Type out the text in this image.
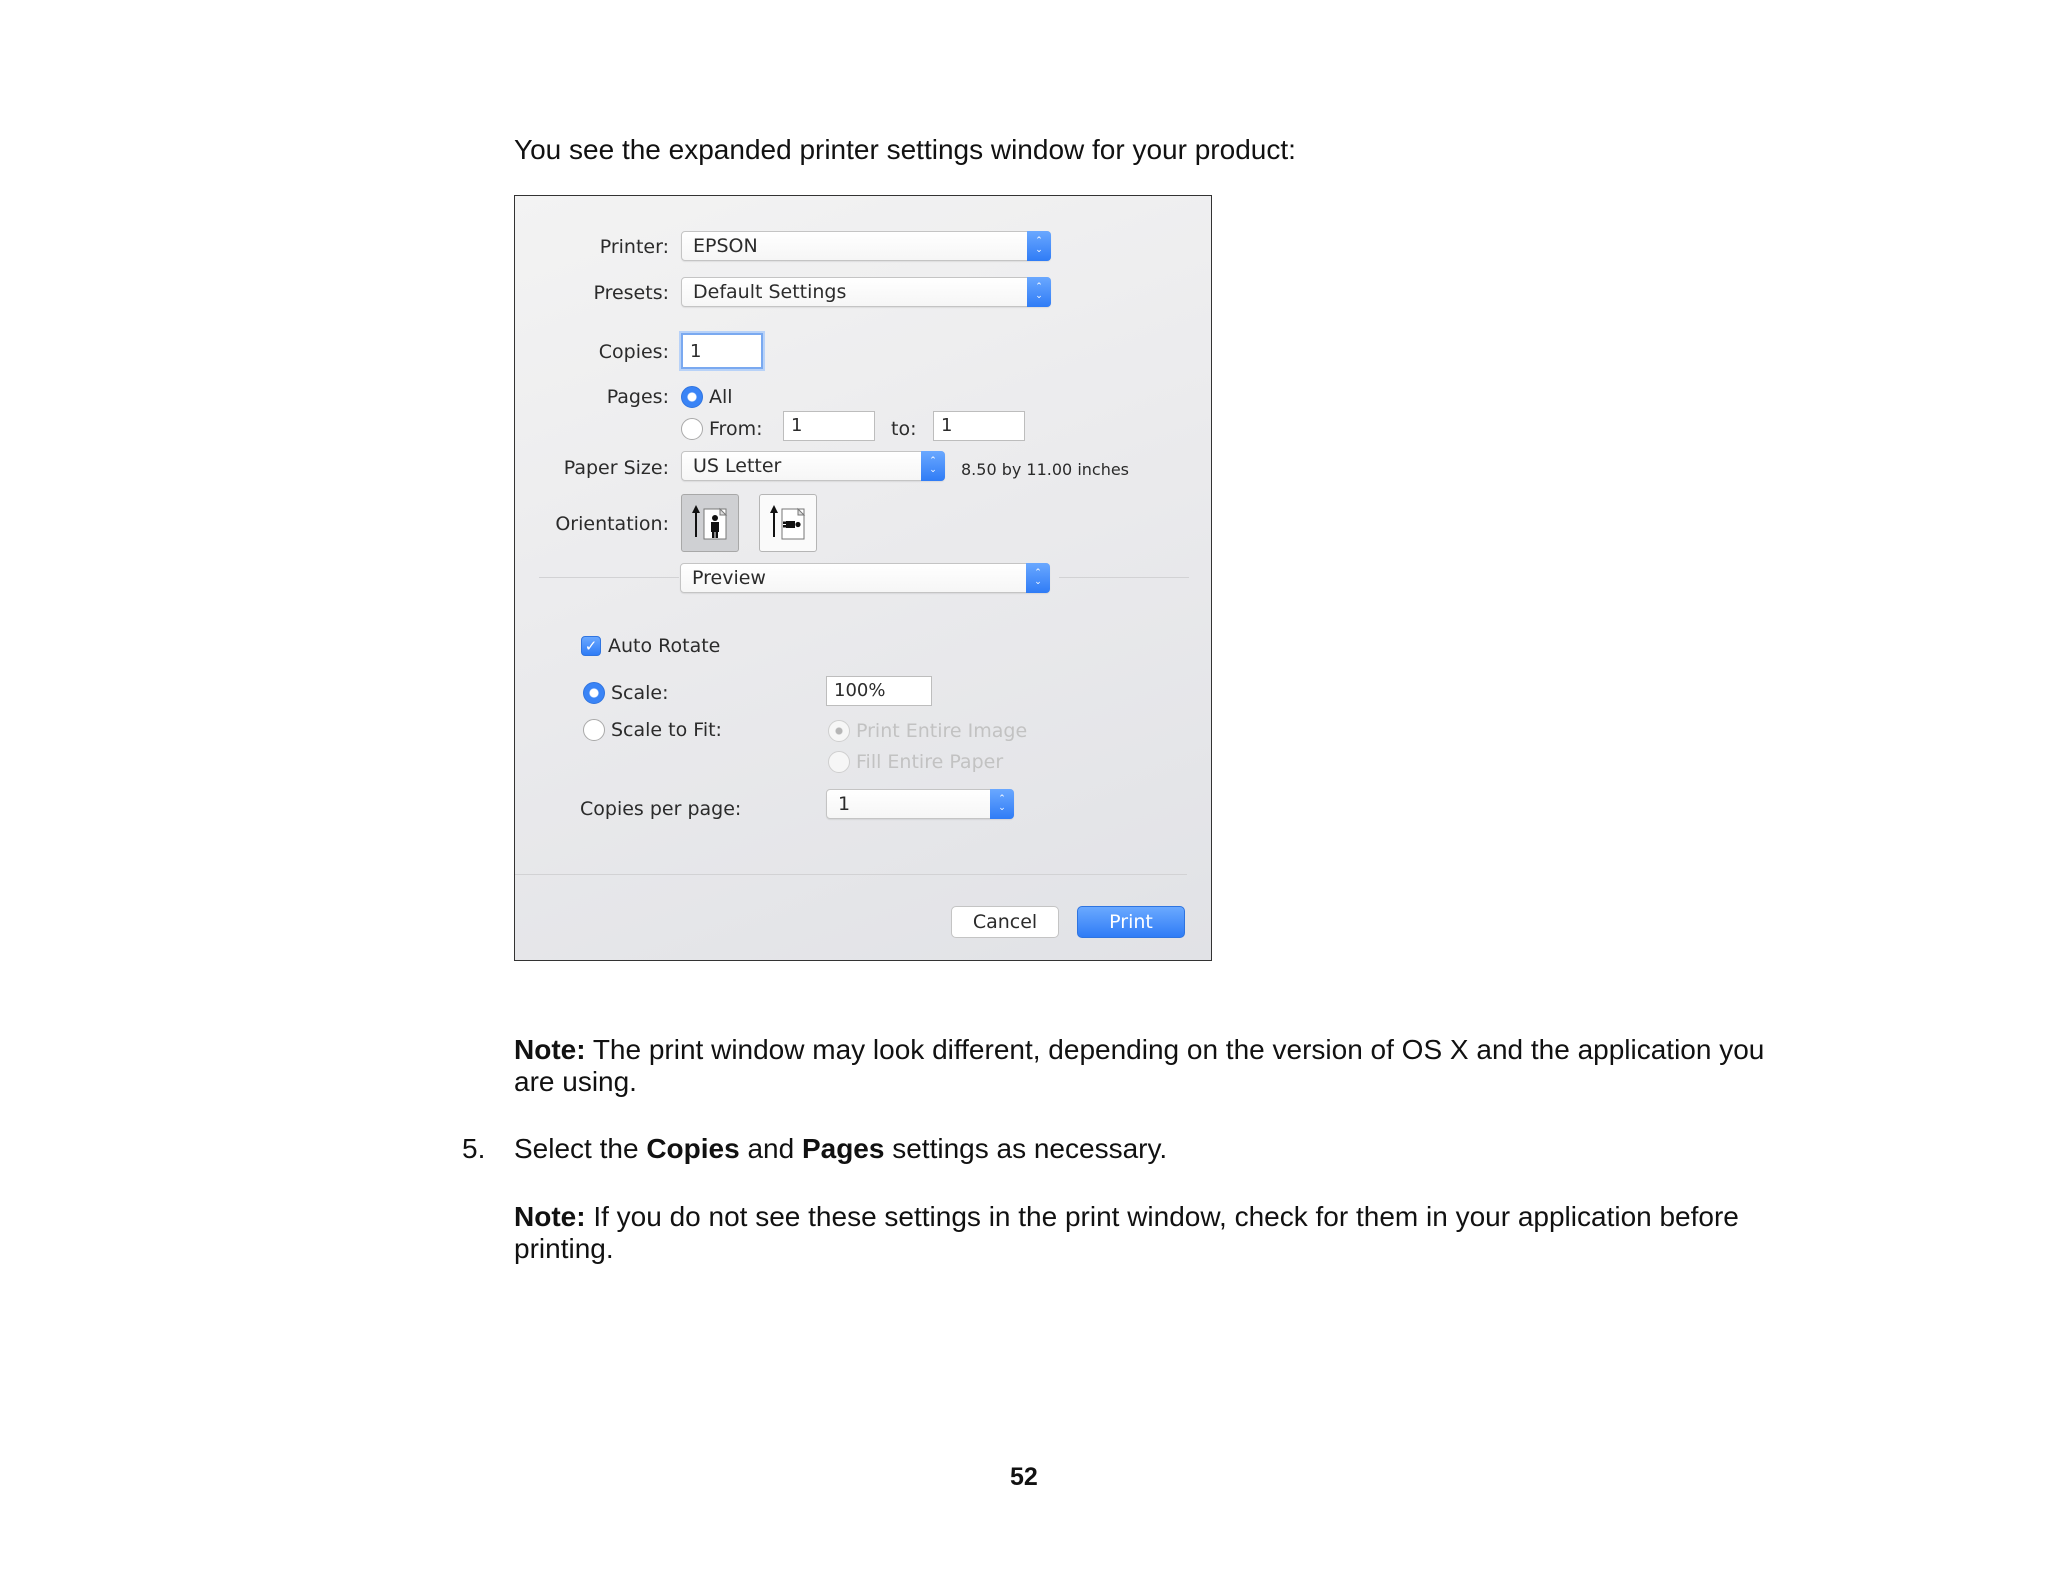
You see the expanded printer settings window for your product:
Printer: EPSON	⌃
⌄
Presets: Default Settings	⌃
⌄
Copies:	1
Pages: All
From:	1	to:	1
Paper Size: US Letter	⌃
⌄ 8.50 by 11.00 inches
Orientation:
Preview	⌃
⌄
✓ Auto Rotate
Scale:	100%
Scale to Fit:	Print Entire Image
Fill Entire Paper
Copies per page:	1	⌃
⌄
Cancel	Print
Note: The print window may look different, depending on the version of OS X and the application you are using.
5. Select the Copies and Pages settings as necessary.
Note: If you do not see these settings in the print window, check for them in your application before printing.
52
